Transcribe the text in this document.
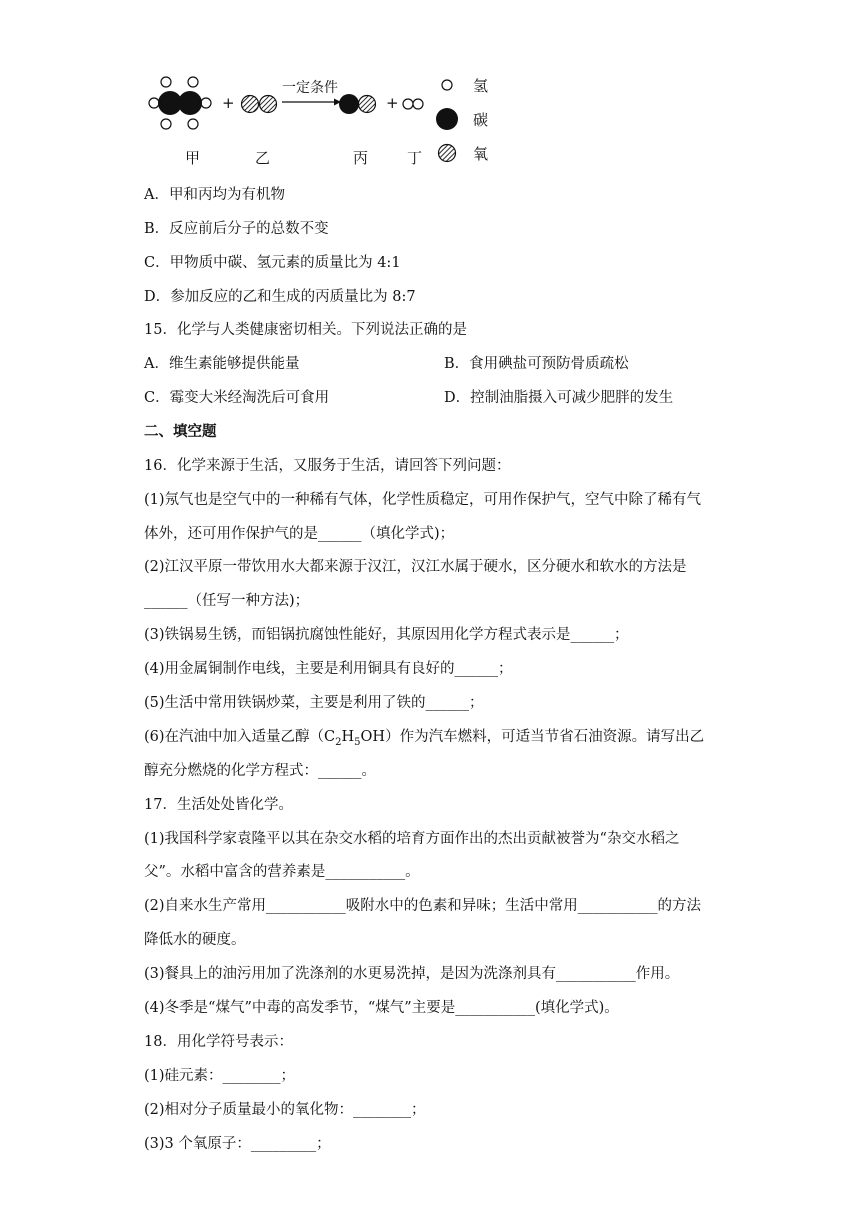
+
一定条件
+
甲	乙	丙	丁
氢
碳
氧
A．甲和丙均为有机物
B．反应前后分子的总数不变
C．甲物质中碳、氢元素的质量比为 4:1
D．参加反应的乙和生成的丙质量比为 8:7
15．化学与人类健康密切相关。下列说法正确的是
A．维生素能够提供能量	B．食用碘盐可预防骨质疏松
C．霉变大米经淘洗后可食用	D．控制油脂摄入可减少肥胖的发生
二、填空题
16．化学来源于生活，又服务于生活，请回答下列问题：
(1)氖气也是空气中的一种稀有气体，化学性质稳定，可用作保护气，空气中除了稀有气
体外，还可用作保护气的是______（填化学式)；
(2)江汉平原一带饮用水大都来源于汉江，汉江水属于硬水，区分硬水和软水的方法是
______（任写一种方法)；
(3)铁锅易生锈，而铝锅抗腐蚀性能好，其原因用化学方程式表示是______；
(4)用金属铜制作电线，主要是利用铜具有良好的______；
(5)生活中常用铁锅炒菜，主要是利用了铁的______；
(6)在汽油中加入适量乙醇$(C_2H_5OH)$作为汽车燃料，可适当节省石油资源。请写出乙
醇充分燃烧的化学方程式：______。
17．生活处处皆化学。
(1)我国科学家袁隆平以其在杂交水稻的培育方面作出的杰出贡献被誉为“杂交水稻之
父”。水稻中富含的营养素是___________。
(2)自来水生产常用___________吸附水中的色素和异味；生活中常用___________的方法
降低水的硬度。
(3)餐具上的油污用加了洗涤剂的水更易洗掉，是因为洗涤剂具有___________作用。
(4)冬季是“煤气”中毒的高发季节，“煤气”主要是___________(填化学式)。
18．用化学符号表示：
(1)硅元素：________；
(2)相对分子质量最小的氧化物：________；
(3)3 个氧原子：_________；
